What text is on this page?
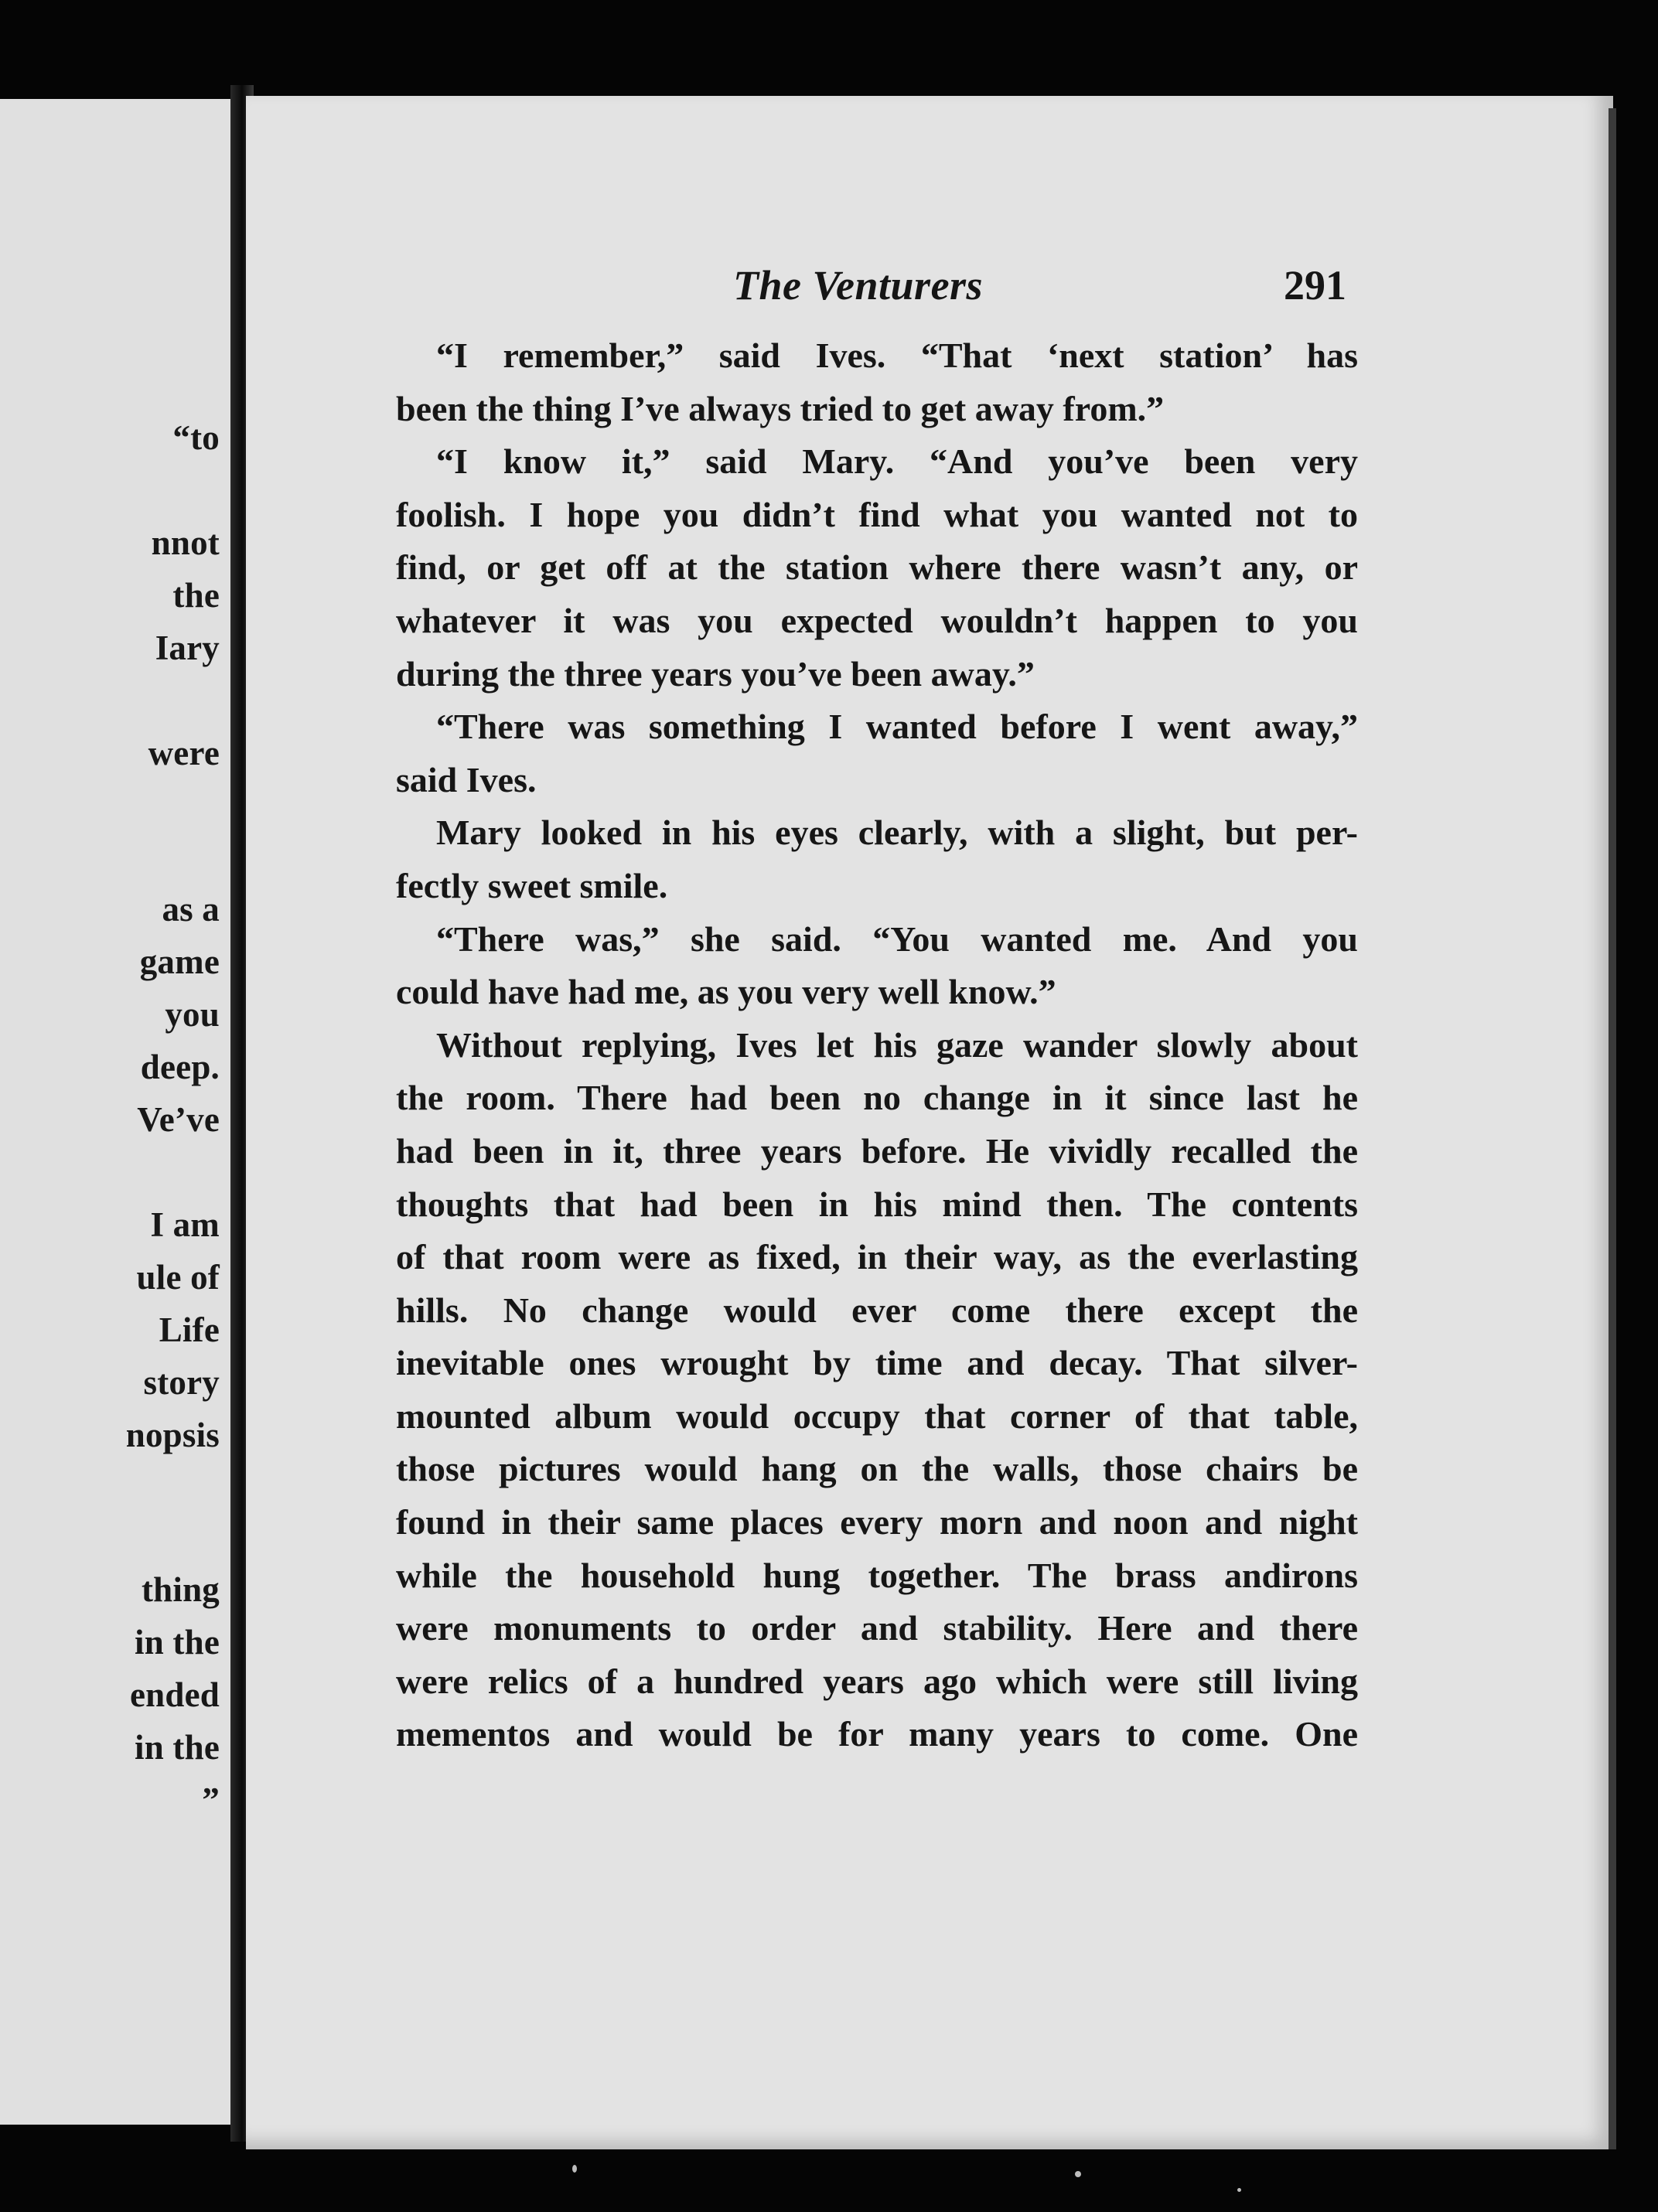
“to
nnot
the
Iary
were
as a
game
you
deep.
Ve’ve
I am
ule of
Life
story
nopsis
thing
in the
ended
in the
”
The Venturers	291
“I remember,” said Ives. “That ‘next station’ has
been the thing I’ve always tried to get away from.”
“I know it,” said Mary. “And you’ve been very
foolish. I hope you didn’t find what you wanted not to
find, or get off at the station where there wasn’t any, or
whatever it was you expected wouldn’t happen to you
during the three years you’ve been away.”
“There was something I wanted before I went away,”
said Ives.
Mary looked in his eyes clearly, with a slight, but per-
fectly sweet smile.
“There was,” she said. “You wanted me. And you
could have had me, as you very well know.”
Without replying, Ives let his gaze wander slowly about
the room. There had been no change in it since last he
had been in it, three years before. He vividly recalled the
thoughts that had been in his mind then. The contents
of that room were as fixed, in their way, as the everlasting
hills. No change would ever come there except the
inevitable ones wrought by time and decay. That silver-
mounted album would occupy that corner of that table,
those pictures would hang on the walls, those chairs be
found in their same places every morn and noon and night
while the household hung together. The brass andirons
were monuments to order and stability. Here and there
were relics of a hundred years ago which were still living
mementos and would be for many years to come. One
